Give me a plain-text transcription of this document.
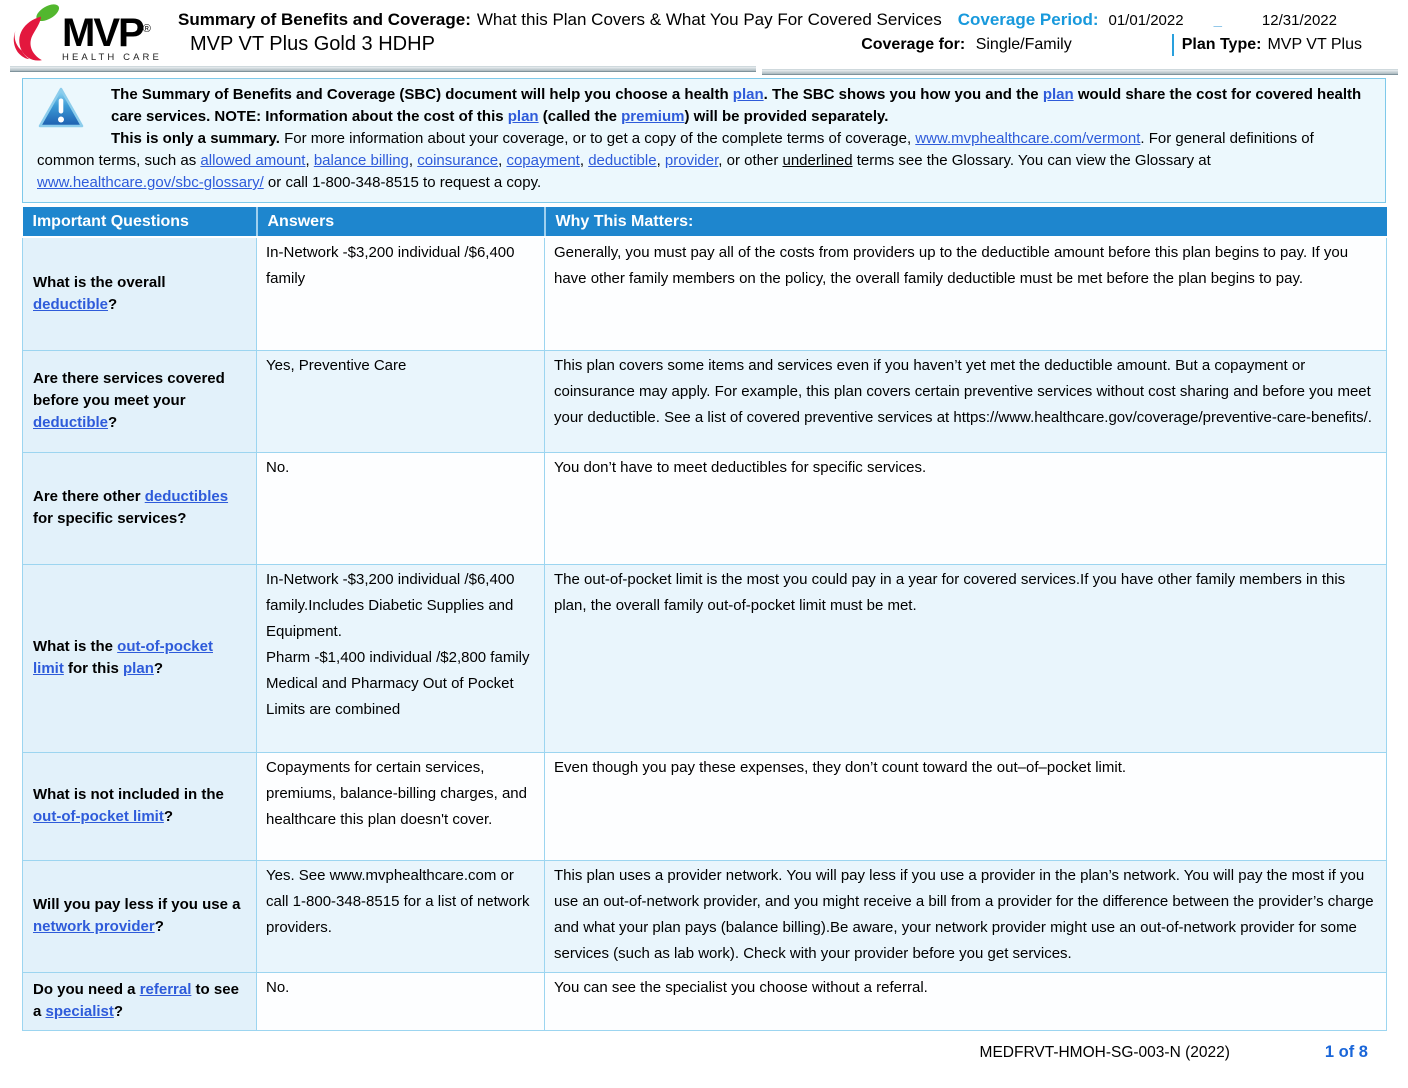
MVP®
HEALTH CARE
Summary of Benefits and Coverage: What this Plan Covers & What You Pay For Covered Services Coverage Period: 01/01/2022 _	12/31/2022
MVP VT Plus Gold 3 HDHP	Coverage for: Single/Family	Plan Type: MVP VT Plus

The Summary of Benefits and Coverage (SBC) document will help you choose a health plan. The SBC shows you how you and the plan would share the cost for covered health care services. NOTE: Information about the cost of this plan (called the premium) will be provided separately.

This is only a summary. For more information about your coverage, or to get a copy of the complete terms of coverage, www.mvphealthcare.com/vermont. For general definitions of common terms, such as allowed amount, balance billing, coinsurance, copayment, deductible, provider, or other underlined terms see the Glossary. You can view the Glossary at www.healthcare.gov/sbc-glossary/ or call 1-800-348-8515 to request a copy.

Important Questions	Answers	Why This Matters:
What is the overall deductible?	In-Network -$3,200 individual /$6,400 family	Generally, you must pay all of the costs from providers up to the deductible amount before this plan begins to pay. If you have other family members on the policy, the overall family deductible must be met before the plan begins to pay.
Are there services covered before you meet your deductible?	Yes, Preventive Care	This plan covers some items and services even if you haven’t yet met the deductible amount. But a copayment or coinsurance may apply. For example, this plan covers certain preventive services without cost sharing and before you meet your deductible. See a list of covered preventive services at https://www.healthcare.gov/coverage/preventive-care-benefits/.
Are there other deductibles for specific services?	No.	You don’t have to meet deductibles for specific services.
What is the out-of-pocket limit for this plan?	In-Network -$3,200 individual /$6,400 family.Includes Diabetic Supplies and Equipment.
Pharm -$1,400 individual /$2,800 family
Medical and Pharmacy Out of Pocket Limits are combined	The out-of-pocket limit is the most you could pay in a year for covered services.If you have other family members in this plan, the overall family out-of-pocket limit must be met.
What is not included in the out-of-pocket limit?	Copayments for certain services, premiums, balance-billing charges, and healthcare this plan doesn't cover.	Even though you pay these expenses, they don’t count toward the out–of–pocket limit.
Will you pay less if you use a network provider?	Yes. See www.mvphealthcare.com or call 1-800-348-8515 for a list of network providers.	This plan uses a provider network. You will pay less if you use a provider in the plan’s network. You will pay the most if you use an out-of-network provider, and you might receive a bill from a provider for the difference between the provider’s charge and what your plan pays (balance billing).Be aware, your network provider might use an out-of-network provider for some services (such as lab work). Check with your provider before you get services.
Do you need a referral to see a specialist?	No.	You can see the specialist you choose without a referral.
MEDFRVT-HMOH-SG-003-N (2022)	1 of 8
